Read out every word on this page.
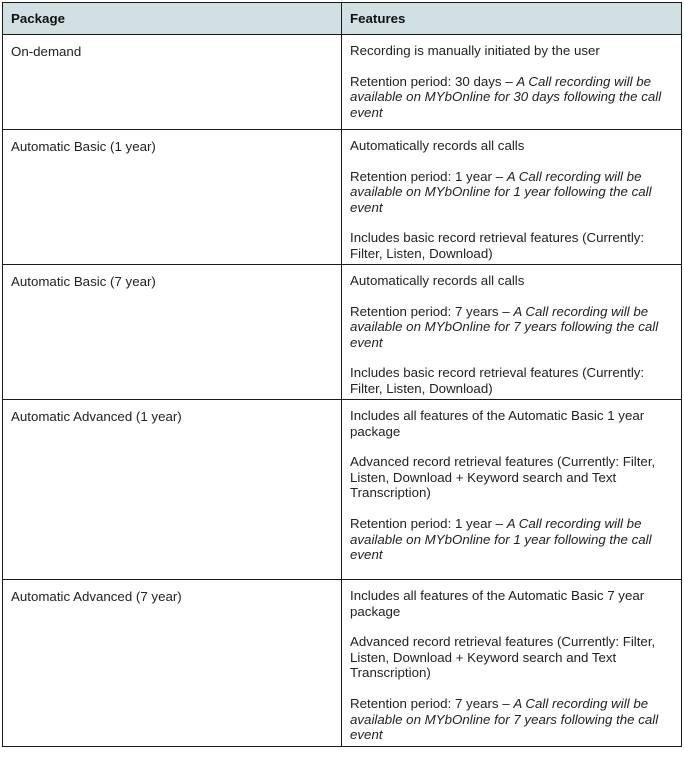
Package	Features
On-demand	Recording is manually initiated by the user

Retention period: 30 days – A Call recording will be available on MYbOnline for 30 days following the call event

Automatic Basic (1 year)	Automatically records all calls

Retention period: 1 year – A Call recording will be available on MYbOnline for 1 year following the call event

Includes basic record retrieval features (Currently: Filter, Listen, Download)

Automatic Basic (7 year)	Automatically records all calls

Retention period: 7 years – A Call recording will be available on MYbOnline for 7 years following the call event

Includes basic record retrieval features (Currently: Filter, Listen, Download)

Automatic Advanced (1 year)	Includes all features of the Automatic Basic 1 year package

Advanced record retrieval features (Currently: Filter, Listen, Download + Keyword search and Text Transcription)

Retention period: 1 year – A Call recording will be available on MYbOnline for 1 year following the call event

Automatic Advanced (7 year)	Includes all features of the Automatic Basic 7 year package

Advanced record retrieval features (Currently: Filter, Listen, Download + Keyword search and Text Transcription)

Retention period: 7 years – A Call recording will be available on MYbOnline for 7 years following the call event
